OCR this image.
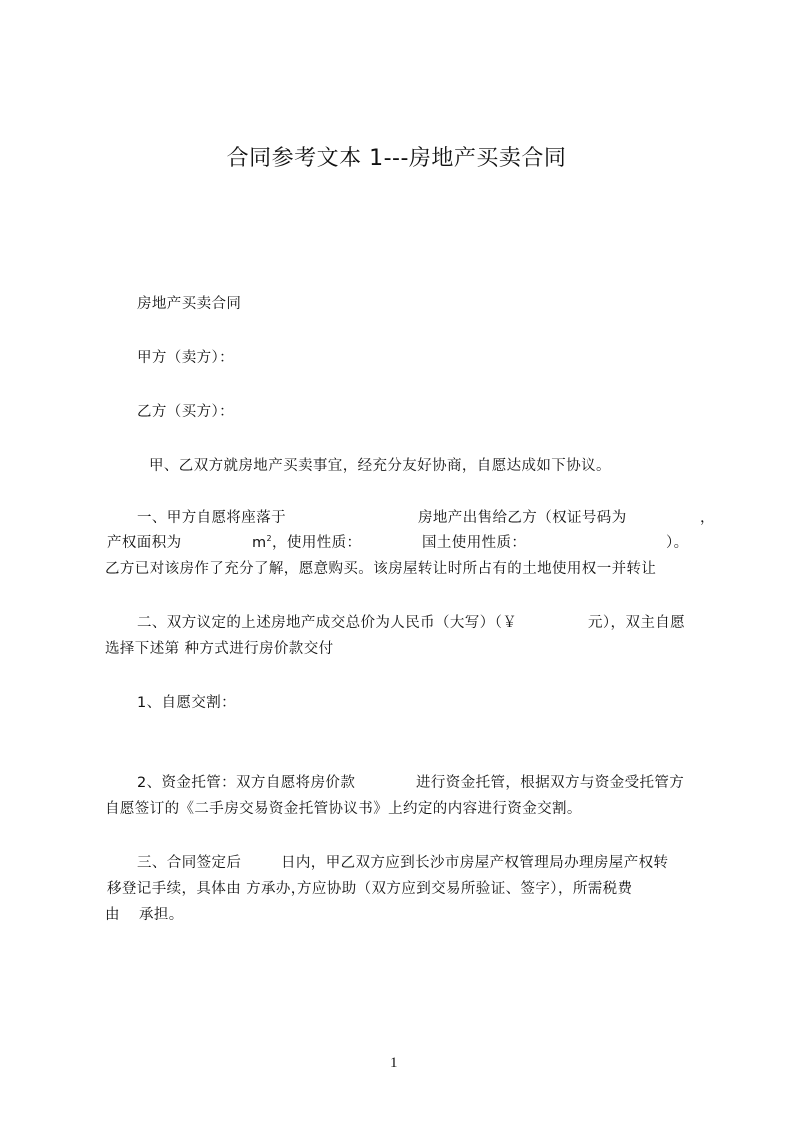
合同参考文本 1---房地产买卖合同
房地产买卖合同
甲方（卖方）：
乙方（买方）：
甲、乙双方就房地产买卖事宜，经充分友好协商，自愿达成如下协议。
一、甲方自愿将座落于	房地产出售给乙方（权证号码为	，
产权面积为	$m^2$，使用性质：	国土使用性质：	）。
乙方已对该房作了充分了解，愿意购买。该房屋转让时所占有的土地使用权一并转让
二、双方议定的上述房地产成交总价为人民币（大写）（￥	元），双主自愿
选择下述第 种方式进行房价款交付
1、自愿交割：
2、资金托管：双方自愿将房价款	进行资金托管，根据双方与资金受托管方
自愿签订的《二手房交易资金托管协议书》上约定的内容进行资金交割。
三、合同签定后	日内，甲乙双方应到长沙市房屋产权管理局办理房屋产权转
移登记手续，具体由 方承办，
方应协助（双方应到交易所验证、签字），所需税费
由 承担。
1
